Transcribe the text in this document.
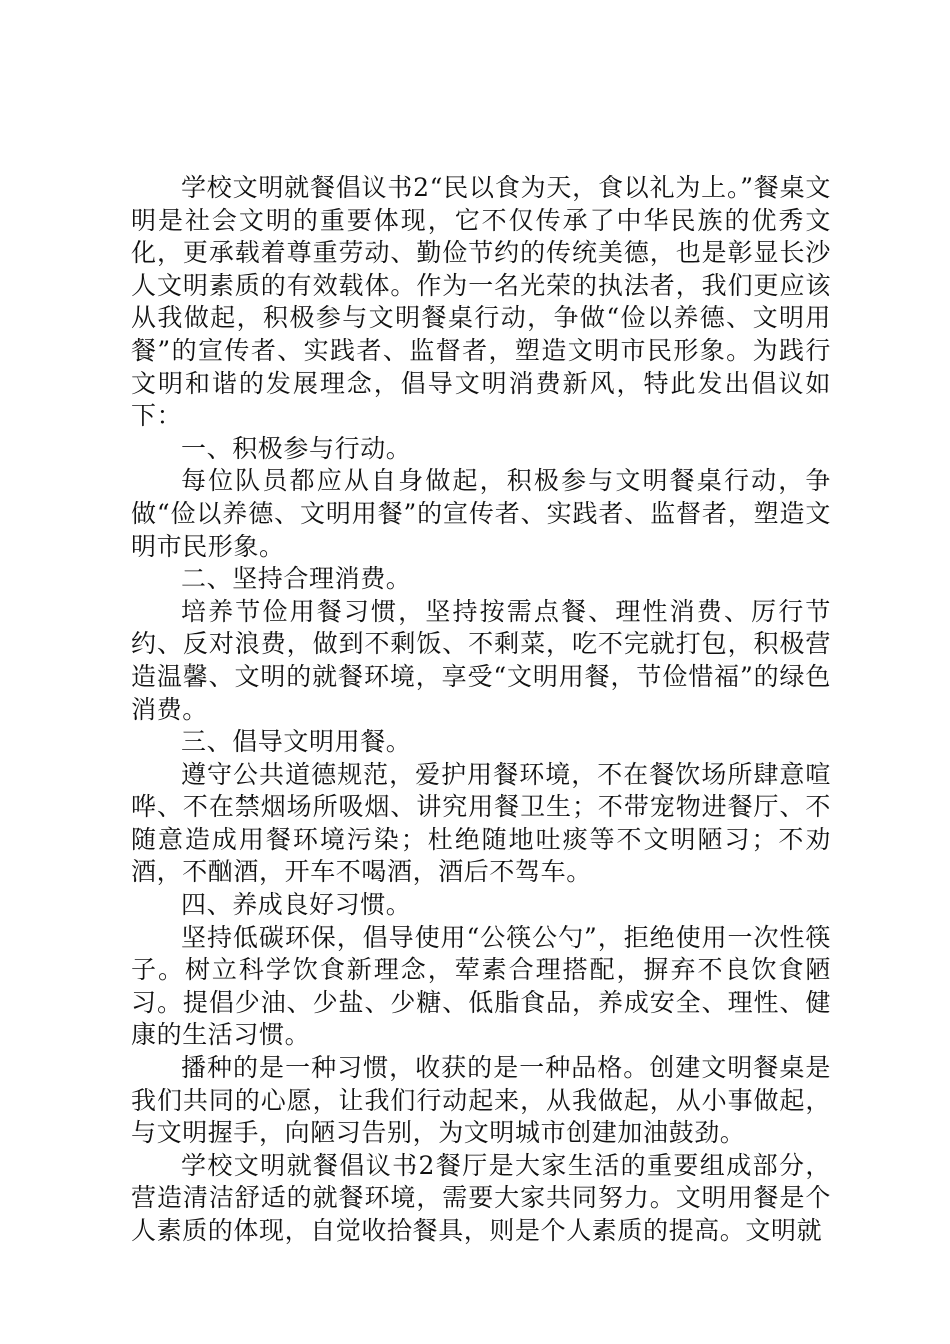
学校文明就餐倡议书2“民以食为天，食以礼为上。”餐桌文明是社会文明的重要体现，它不仅传承了中华民族的优秀文化，更承载着尊重劳动、勤俭节约的传统美德，也是彰显长沙人文明素质的有效载体。作为一名光荣的执法者，我们更应该从我做起，积极参与文明餐桌行动，争做“俭以养德、文明用餐”的宣传者、实践者、监督者，塑造文明市民形象。为践行文明和谐的发展理念，倡导文明消费新风，特此发出倡议如下：

一、积极参与行动。

每位队员都应从自身做起，积极参与文明餐桌行动，争做“俭以养德、文明用餐”的宣传者、实践者、监督者，塑造文明市民形象。

二、坚持合理消费。

培养节俭用餐习惯，坚持按需点餐、理性消费、厉行节约、反对浪费，做到不剩饭、不剩菜，吃不完就打包，积极营造温馨、文明的就餐环境，享受“文明用餐，节俭惜福”的绿色消费。

三、倡导文明用餐。

遵守公共道德规范，爱护用餐环境，不在餐饮场所肆意喧哗、不在禁烟场所吸烟、讲究用餐卫生；不带宠物进餐厅、不随意造成用餐环境污染；杜绝随地吐痰等不文明陋习；不劝酒，不酗酒，开车不喝酒，酒后不驾车。

四、养成良好习惯。

坚持低碳环保，倡导使用“公筷公勺”，拒绝使用一次性筷子。树立科学饮食新理念，荤素合理搭配，摒弃不良饮食陋习。提倡少油、少盐、少糖、低脂食品，养成安全、理性、健康的生活习惯。

播种的是一种习惯，收获的是一种品格。创建文明餐桌是我们共同的心愿，让我们行动起来，从我做起，从小事做起，与文明握手，向陋习告别，为文明城市创建加油鼓劲。

学校文明就餐倡议书2餐厅是大家生活的重要组成部分，营造清洁舒适的就餐环境，需要大家共同努力。文明用餐是个人素质的体现，自觉收拾餐具，则是个人素质的提高。文明就
